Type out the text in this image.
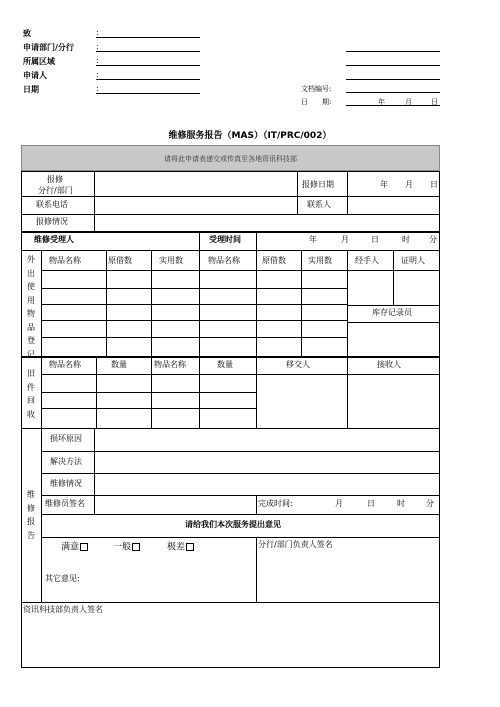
致	:
申请部门/分行	:
所属区域	:
申请人	:
日期	:	文档编号:
日　　期:	年	月	日
维修服务报告（MAS）（IT/PRC/002）
请将此申请表递交或传真至各地资讯科技部
报修
分行/部门
报修日期	年 月 日
联系电话	联系人
报修情况
维修受理人	受理时间	年	月	日	时 分
外出使用物品登记
物品名称	原借数	实用数	物品名称	原借数	实用数	经手人	证明人
库存记录员
旧件回收
物品名称	数量	物品名称	数量	移交人	接收人
维修报告
损坏原因
解决方法
维修情况
维修员签名	完成时间:	月	日	时	分
请给我们本次服务提出意见
满意	一般	极差
其它意见:
分行/部门负责人签名
资讯科技部负责人签名
